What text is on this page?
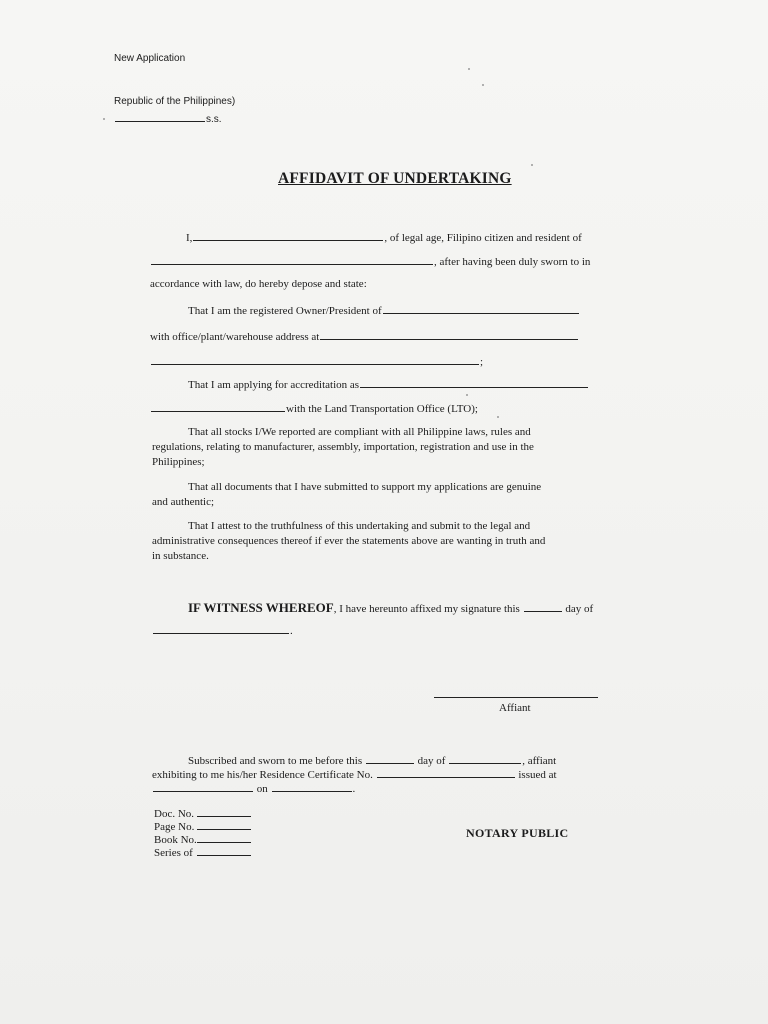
New Application
Republic of the Philippines)
s.s.
AFFIDAVIT OF UNDERTAKING
I,	, of legal age, Filipino citizen and resident of
, after having been duly sworn to in
accordance with law, do hereby depose and state:
That I am the registered Owner/President of
with office/plant/warehouse address at
;
That I am applying for accreditation as
with the Land Transportation Office (LTO);
That all stocks I/We reported are compliant with all Philippine laws, rules and
regulations, relating to manufacturer, assembly, importation, registration and use in the
Philippines;
That all documents that I have submitted to support my applications are genuine
and authentic;
That I attest to the truthfulness of this undertaking and submit to the legal and
administrative consequences thereof if ever the statements above are wanting in truth and
in substance.
IF WITNESS WHEREOF, I have hereunto affixed my signature this	day of
.
Affiant
Subscribed and sworn to me before this	day of	, affiant
exhibiting to me his/her Residence Certificate No.	issued at
on	.
Doc. No.
Page No.
Book No.
Series of
NOTARY PUBLIC
